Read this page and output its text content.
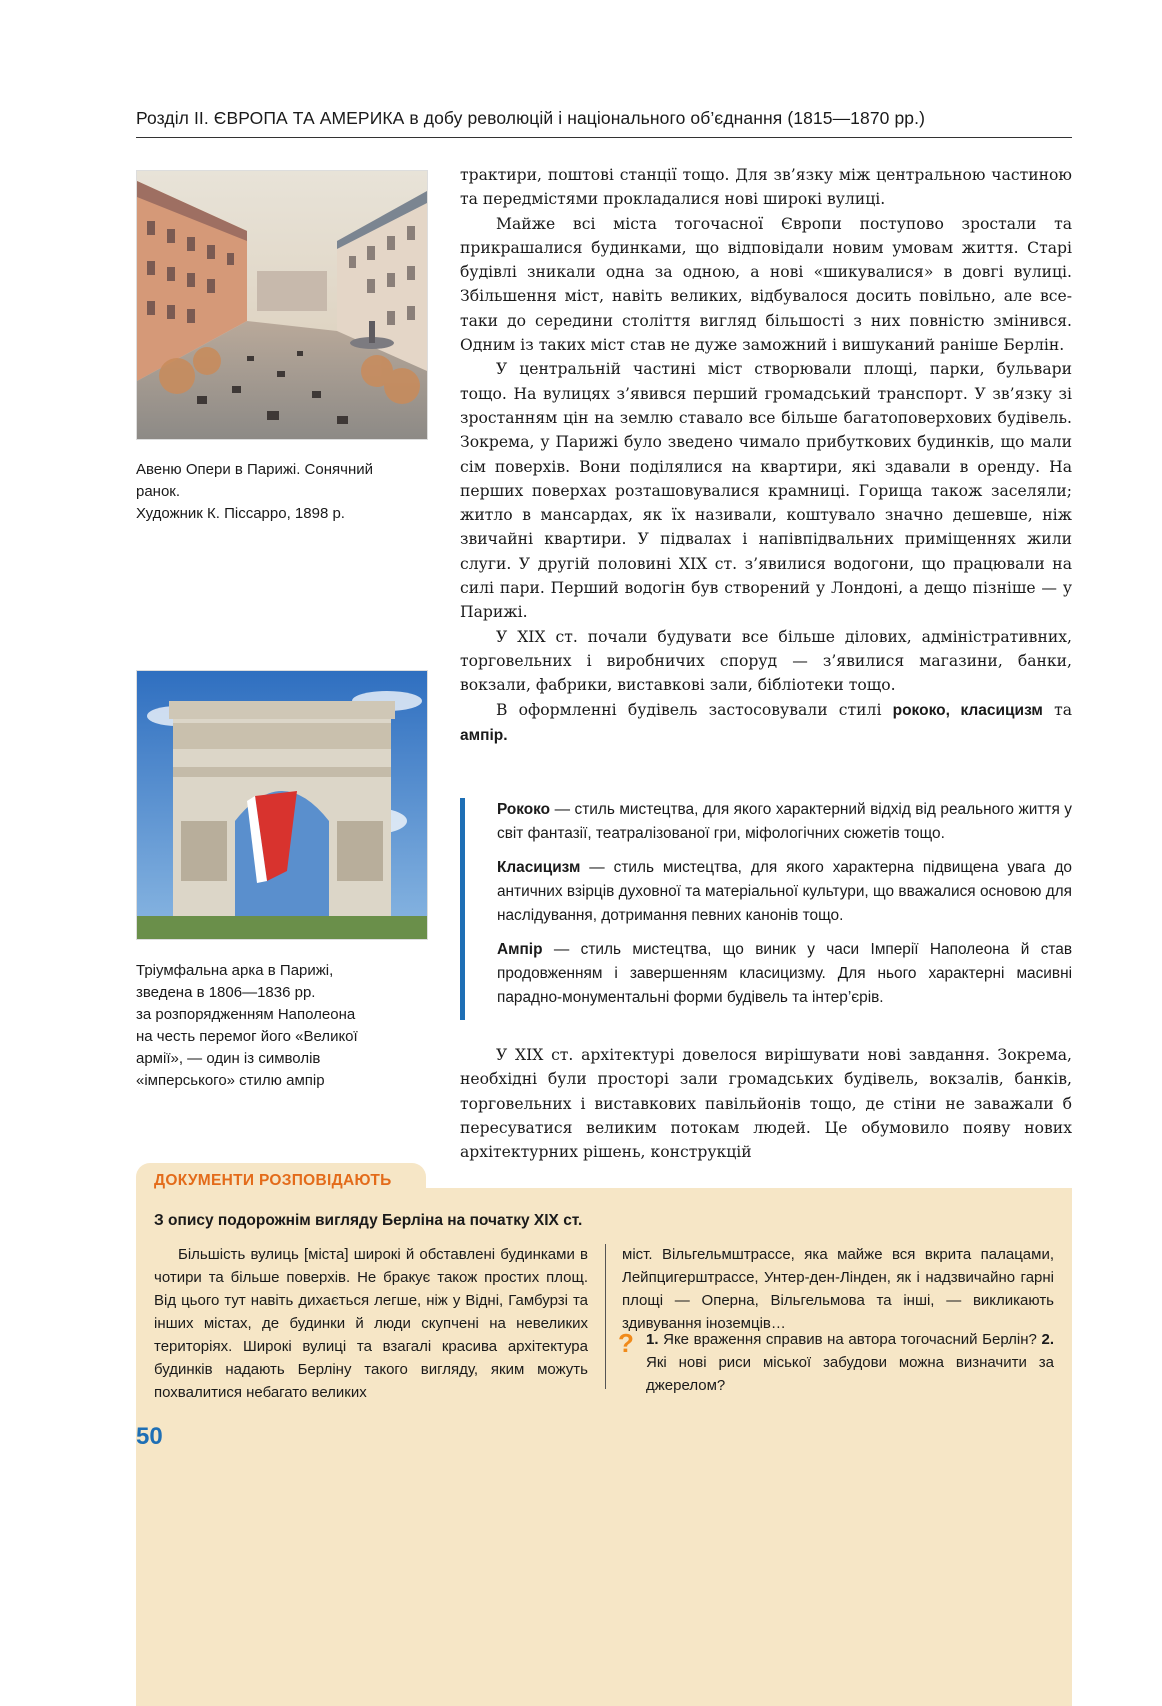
Розділ ІІ. ЄВРОПА ТА АМЕРИКА в добу революцій і національного об’єднання (1815—1870 рр.)
Авеню Опери в Парижі. Сонячний
ранок.
Художник К. Піссарро, 1898 р.
Тріумфальна арка в Парижі,
зведена в 1806—1836 рр.
за розпорядженням Наполеона
на честь перемог його «Великої
армії», — один із символів
«імперського» стилю ампір

трактири, поштові станції тощо. Для зв’язку між центральною частиною та передмістями прокладалися нові широкі вулиці.

Майже всі міста тогочасної Європи поступово зростали та прикрашалися будинками, що відповідали новим умовам життя. Старі будівлі зникали одна за одною, а нові «шикувалися» в довгі вулиці. Збільшення міст, навіть великих, відбувалося досить повільно, але все-таки до середини століття вигляд більшості з них повністю змінився. Одним із таких міст став не дуже заможний і вишуканий раніше Берлін.

У центральній частині міст створювали площі, парки, бульвари тощо. На вулицях з’явився перший громадський транспорт. У зв’язку зі зростанням цін на землю ставало все більше багатоповерхових будівель. Зокрема, у Парижі було зведено чимало прибуткових будинків, що мали сім поверхів. Вони поділялися на квартири, які здавали в оренду. На перших поверхах розташовувалися крамниці. Горища також заселяли; житло в мансардах, як їх називали, коштувало значно дешевше, ніж звичайні квартири. У підвалах і напівпідвальних приміщеннях жили слуги. У другій половині XIX ст. з’явилися водогони, що працювали на силі пари. Перший водогін був створений у Лондоні, а дещо пізніше — у Парижі.

У XIX ст. почали будувати все більше ділових, адміністративних, торговельних і виробничих споруд — з’явилися магазини, банки, вокзали, фабрики, виставкові зали, бібліотеки тощо.

В оформленні будівель застосовували стилі рококо, класицизм та ампір.

Рококо — стиль мистецтва, для якого характерний відхід від реального життя у світ фантазії, театралізованої гри, міфологічних сюжетів тощо.

Класицизм — стиль мистецтва, для якого характерна підвищена увага до античних взірців духовної та матеріальної культури, що вважалися основою для наслідування, дотримання певних канонів тощо.

Ампір — стиль мистецтва, що виник у часи Імперії Наполеона й став продовженням і завершенням класицизму. Для нього характерні масивні парадно-монументальні форми будівель та інтер’єрів.

У XIX ст. архітектурі довелося вирішувати нові завдання. Зокрема, необхідні були просторі зали громадських будівель, вокзалів, банків, торговельних і виставкових павільйонів тощо, де стіни не заважали б пересуватися великим потокам людей. Це обумовило появу нових архітектурних рішень, конструкцій

ДОКУМЕНТИ РОЗПОВІДАЮТЬ
З опису подорожнім вигляду Берліна на початку XIX ст.

Більшість вулиць [міста] широкі й обставлені будинками в чотири та більше поверхів. Не бракує також простих площ. Від цього тут навіть дихається легше, ніж у Відні, Гамбурзі та інших містах, де будинки й люди скупчені на невеликих територіях. Широкі вулиці та взагалі красива архітектура будинків надають Берліну такого вигляду, яким можуть похвалитися небагато великих

міст. Вільгельмштрассе, яка майже вся вкрита палацами, Лейпцигерштрассе, Унтер-ден-Лінден, як і надзвичайно гарні площі — Оперна, Вільгельмова та інші, — викликають здивування іноземців…

? 1. Яке враження справив на автора тогочасний Берлін? 2. Які нові риси міської забудови можна визначити за джерелом?

50
